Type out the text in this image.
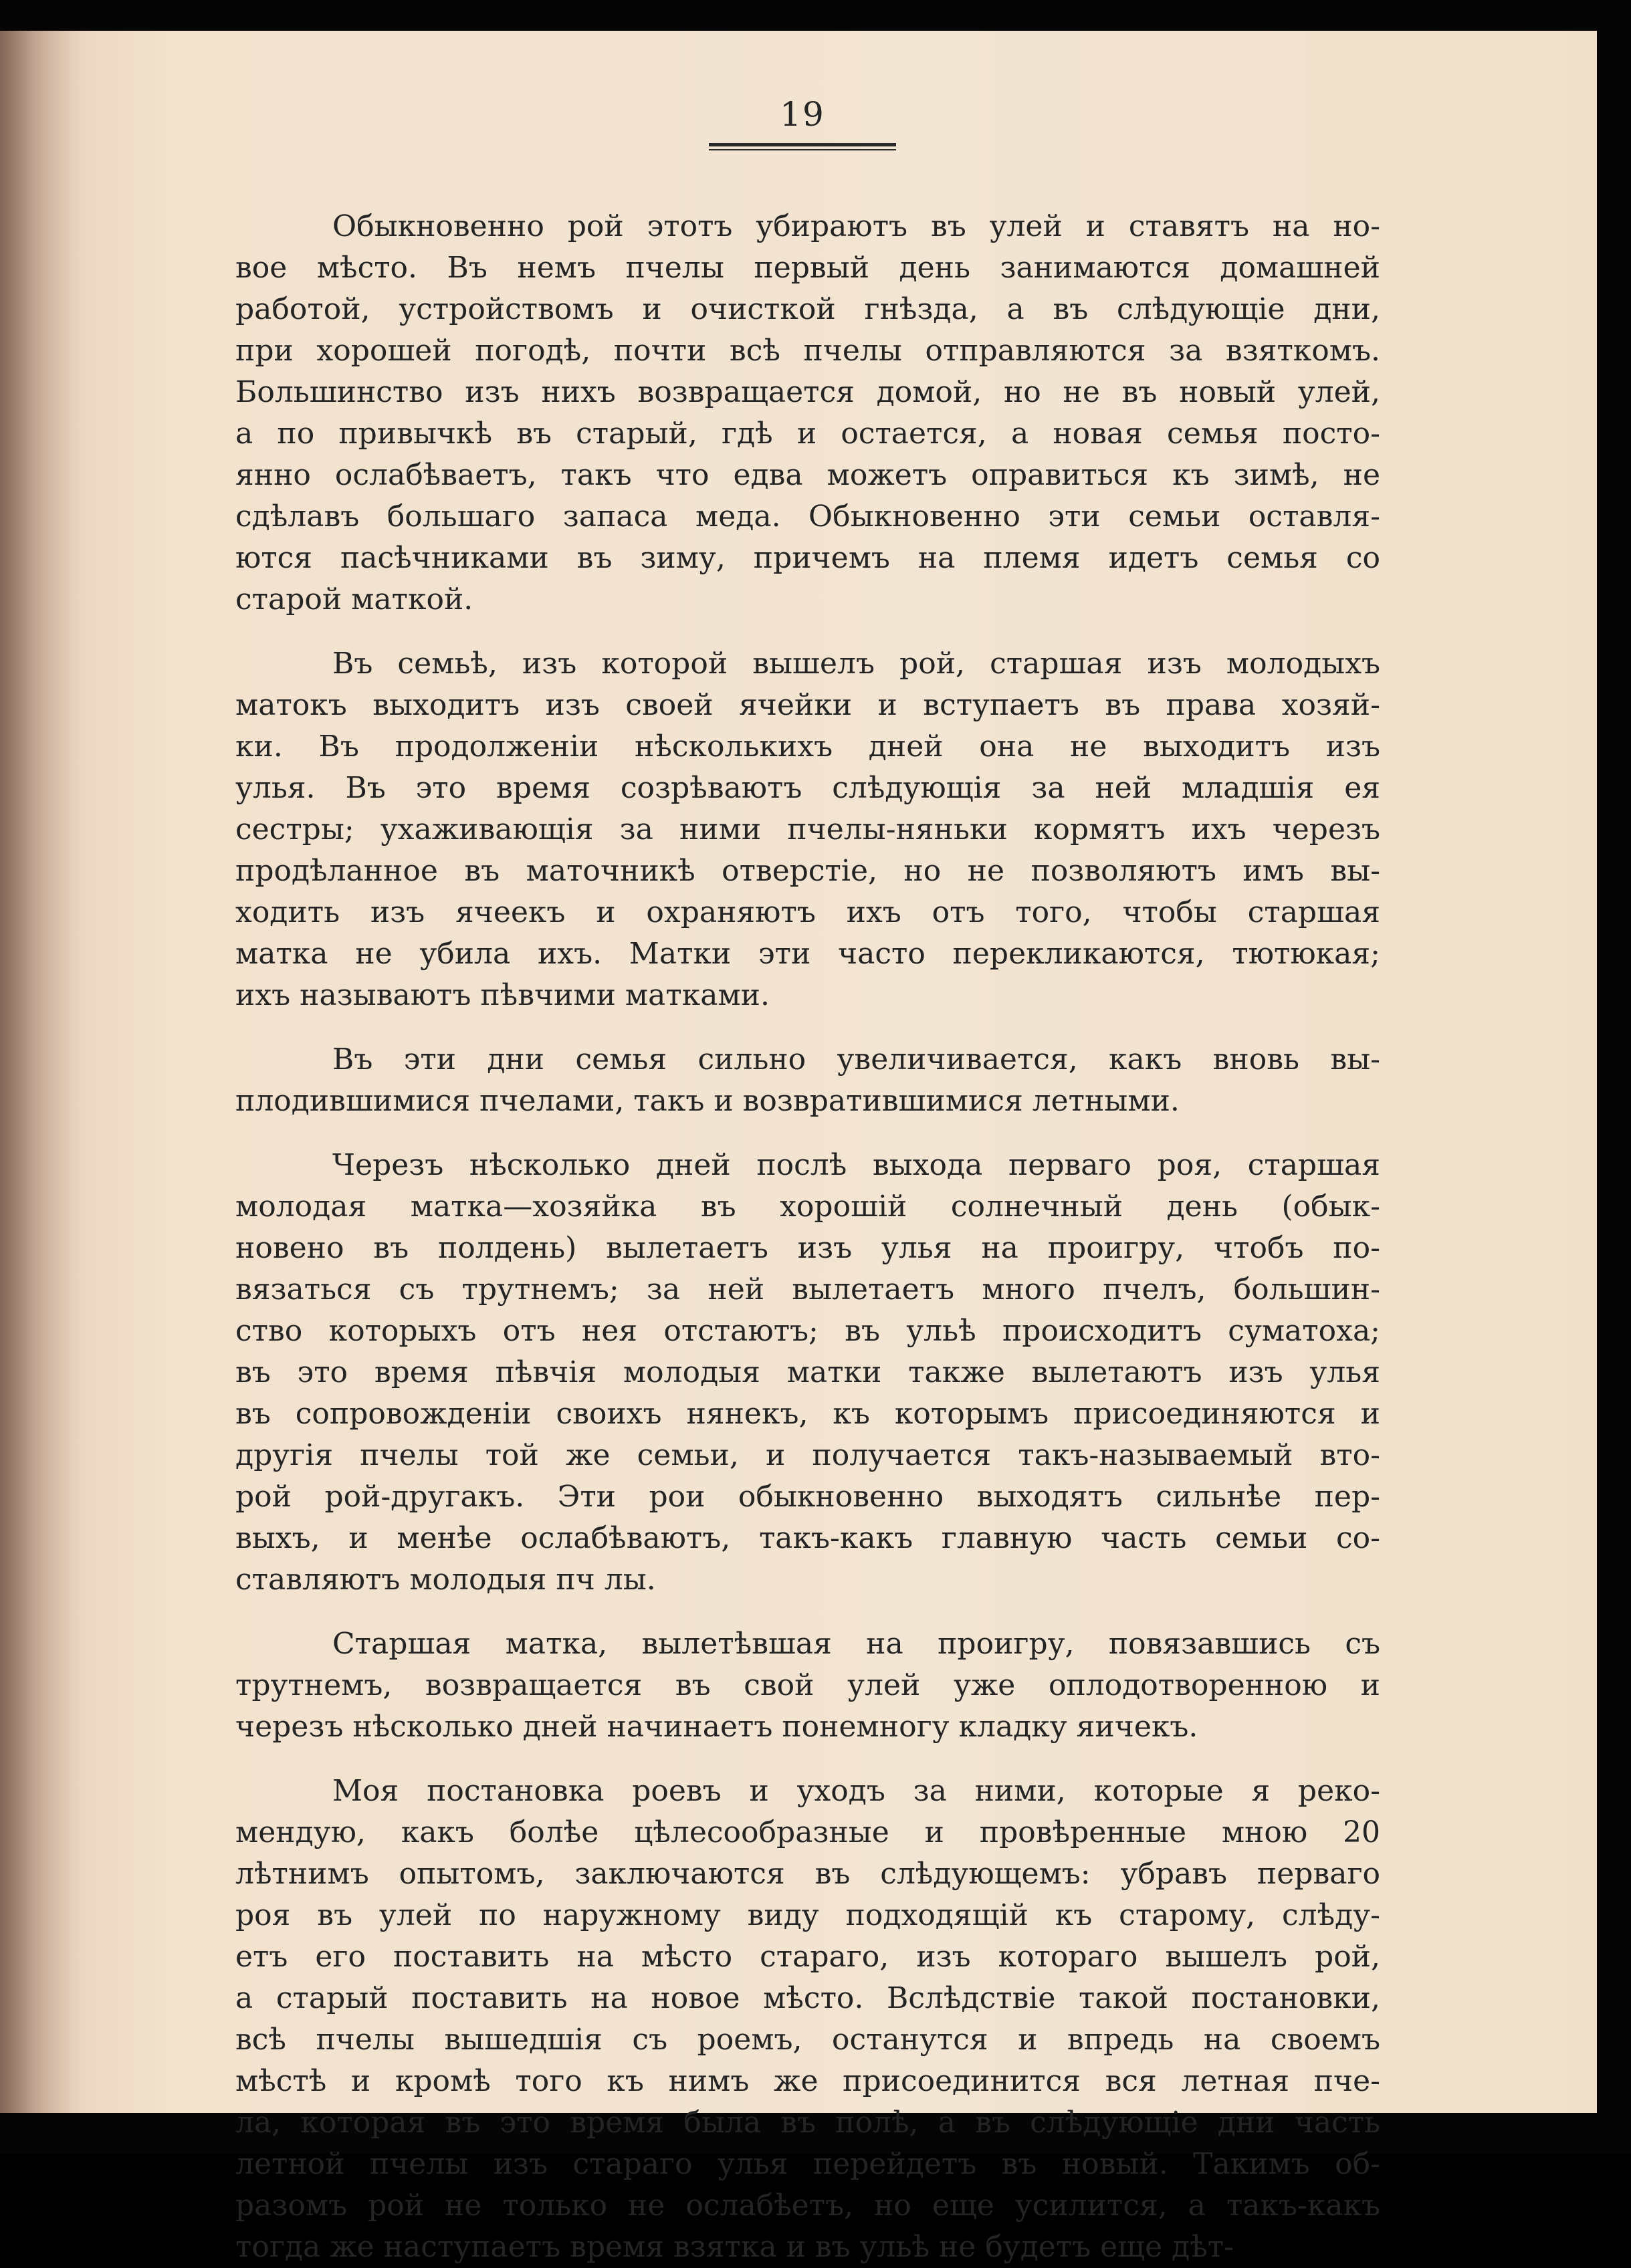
19
Обыкновенно рой этотъ убираютъ въ улей и ставятъ на но-
вое мѣсто. Въ немъ пчелы первый день занимаются домашней
работой, устройствомъ и очисткой гнѣзда, а въ слѣдующіе дни,
при хорошей погодѣ, почти всѣ пчелы отправляются за взяткомъ.
Большинство изъ нихъ возвращается домой, но не въ новый улей,
а по привычкѣ въ старый, гдѣ и остается, а новая семья посто-
янно ослабѣваетъ, такъ что едва можетъ оправиться къ зимѣ, не
сдѣлавъ большаго запаса меда. Обыкновенно эти семьи оставля-
ются пасѣчниками въ зиму, причемъ на племя идетъ семья со
старой маткой.
Въ семьѣ, изъ которой вышелъ рой, старшая изъ молодыхъ
матокъ выходитъ изъ своей ячейки и вступаетъ въ права хозяй-
ки. Въ продолженіи нѣсколькихъ дней она не выходитъ изъ
улья. Въ это время созрѣваютъ слѣдующія за ней младшія ея
сестры; ухаживающія за ними пчелы-няньки кормятъ ихъ черезъ
продѣланное въ маточникѣ отверстіе, но не позволяютъ имъ вы-
ходить изъ ячеекъ и охраняютъ ихъ отъ того, чтобы старшая
матка не убила ихъ. Матки эти часто перекликаются, тютюкая;
ихъ называютъ пѣвчими матками.
Въ эти дни семья сильно увеличивается, какъ вновь вы-
плодившимися пчелами, такъ и возвратившимися летными.
Черезъ нѣсколько дней послѣ выхода перваго роя, старшая
молодая матка—хозяйка въ хорошій солнечный день (обык-
новено въ полдень) вылетаетъ изъ улья на проигру, чтобъ по-
вязаться съ трутнемъ; за ней вылетаетъ много пчелъ, большин-
ство которыхъ отъ нея отстаютъ; въ ульѣ происходитъ суматоха;
въ это время пѣвчія молодыя матки также вылетаютъ изъ улья
въ сопровожденіи своихъ нянекъ, къ которымъ присоединяются и
другія пчелы той же семьи, и получается такъ-называемый вто-
рой рой-другакъ. Эти рои обыкновенно выходятъ сильнѣе пер-
выхъ, и менѣе ослабѣваютъ, такъ-какъ главную часть семьи со-
ставляютъ молодыя пч лы.
Старшая матка, вылетѣвшая на проигру, повязавшись съ
трутнемъ, возвращается въ свой улей уже оплодотворенною и
черезъ нѣсколько дней начинаетъ понемногу кладку яичекъ.
Моя постановка роевъ и уходъ за ними, которые я реко-
мендую, какъ болѣе цѣлесообразные и провѣренные мною 20
лѣтнимъ опытомъ, заключаются въ слѣдующемъ: убравъ перваго
роя въ улей по наружному виду подходящій къ старому, слѣду-
етъ его поставить на мѣсто стараго, изъ котораго вышелъ рой,
а старый поставить на новое мѣсто. Вслѣдствіе такой постановки,
всѣ пчелы вышедшія съ роемъ, останутся и впредь на своемъ
мѣстѣ и кромѣ того къ нимъ же присоединится вся летная пче-
ла, которая въ это время была въ полѣ, а въ слѣдующіе дни часть
летной пчелы изъ стараго улья перейдетъ въ новый. Такимъ об-
разомъ рой не только не ослабѣетъ, но еще усилится, а такъ-какъ
тогда же наступаетъ время взятка и въ ульѣ не будетъ еще дѣт-
